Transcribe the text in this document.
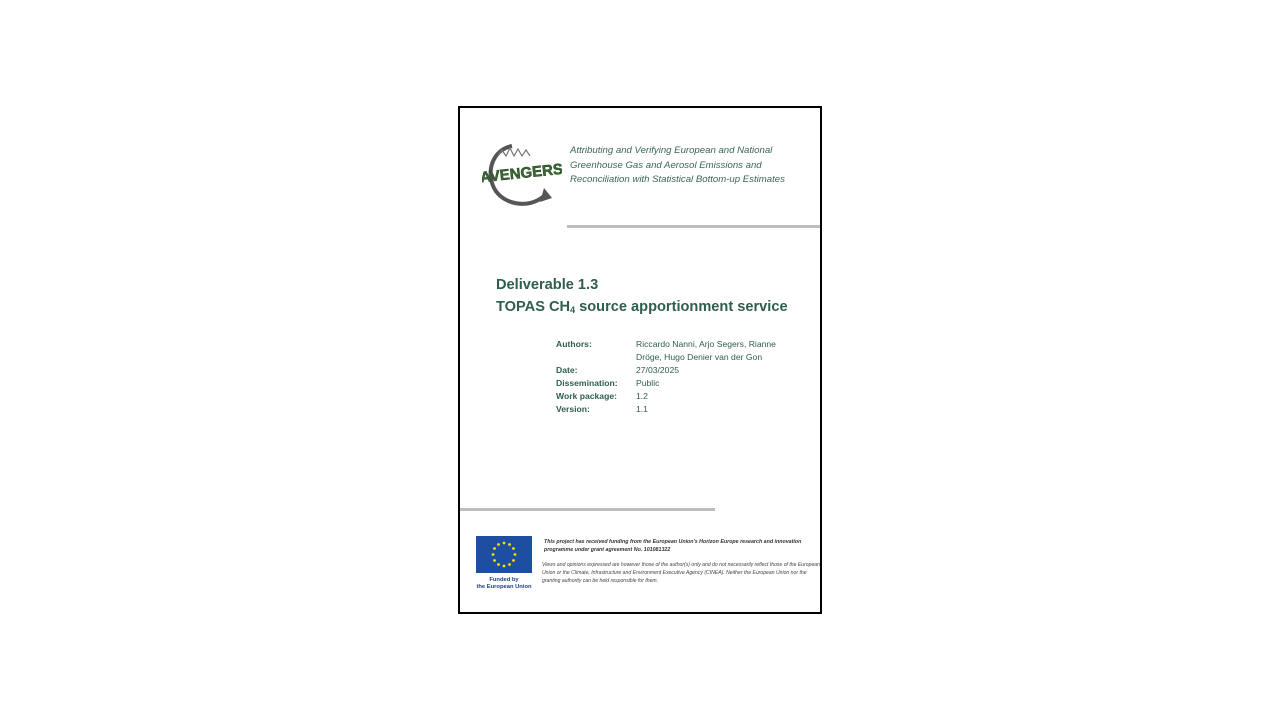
AVENGERS
Attributing and Verifying European and National
Greenhouse Gas and Aerosol Emissions and
Reconciliation with Statistical Bottom-up Estimates
Deliverable 1.3
TOPAS $CH_4$ source apportionment service
Authors:	Riccardo Nanni, Arjo Segers, Rianne
Dröge, Hugo Denier van der Gon
Date:	27/03/2025
Dissemination:	Public
Work package:	1.2
Version:	1.1
Funded by
the European Union
This project has received funding from the European Union's Horizon Europe research and innovation programme under grant agreement No. 101081322
Views and opinions expressed are however those of the author(s) only and do not necessarily reflect those of the European Union or the Climate, Infrastructure and Environment Executive Agency (CINEA). Neither the European Union nor the granting authority can be held responsible for them.
